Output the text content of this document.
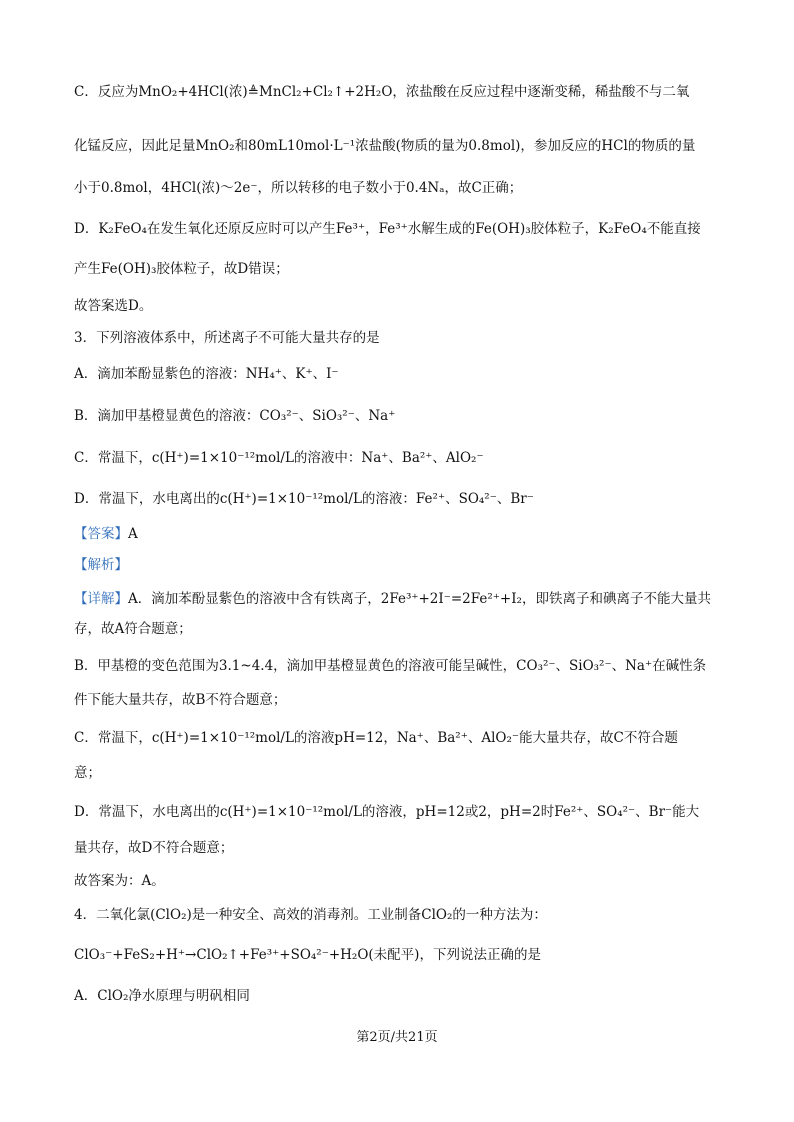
C．反应为MnO₂+4HCl(浓)≜MnCl₂+Cl₂↑+2H₂O，浓盐酸在反应过程中逐渐变稀，稀盐酸不与二氧
化锰反应，因此足量MnO₂和80mL10mol·L⁻¹浓盐酸(物质的量为0.8mol)，参加反应的HCl的物质的量
小于0.8mol，4HCl(浓)～2e⁻，所以转移的电子数小于0.4Nₐ，故C正确；
D．K₂FeO₄在发生氧化还原反应时可以产生Fe³⁺，Fe³⁺水解生成的Fe(OH)₃胶体粒子，K₂FeO₄不能直接
产生Fe(OH)₃胶体粒子，故D错误；
故答案选D。
3．下列溶液体系中，所述离子不可能大量共存的是
A．滴加苯酚显紫色的溶液：NH₄⁺、K⁺、I⁻
B．滴加甲基橙显黄色的溶液：CO₃²⁻、SiO₃²⁻、Na⁺
C．常温下，c(H⁺)=1×10⁻¹²mol/L的溶液中：Na⁺、Ba²⁺、AlO₂⁻
D．常温下，水电离出的c(H⁺)=1×10⁻¹²mol/L的溶液：Fe²⁺、SO₄²⁻、Br⁻
【答案】A
【解析】
【详解】A．滴加苯酚显紫色的溶液中含有铁离子，2Fe³⁺+2I⁻=2Fe²⁺+I₂，即铁离子和碘离子不能大量共
存，故A符合题意；
B．甲基橙的变色范围为3.1~4.4，滴加甲基橙显黄色的溶液可能呈碱性，CO₃²⁻、SiO₃²⁻、Na⁺在碱性条
件下能大量共存，故B不符合题意；
C．常温下，c(H⁺)=1×10⁻¹²mol/L的溶液pH=12，Na⁺、Ba²⁺、AlO₂⁻能大量共存，故C不符合题
意；
D．常温下，水电离出的c(H⁺)=1×10⁻¹²mol/L的溶液，pH=12或2，pH=2时Fe²⁺、SO₄²⁻、Br⁻能大
量共存，故D不符合题意；
故答案为：A。
4．二氧化氯(ClO₂)是一种安全、高效的消毒剂。工业制备ClO₂的一种方法为：
ClO₃⁻+FeS₂+H⁺→ClO₂↑+Fe³⁺+SO₄²⁻+H₂O(未配平)，下列说法正确的是
A．ClO₂净水原理与明矾相同
第2页/共21页
